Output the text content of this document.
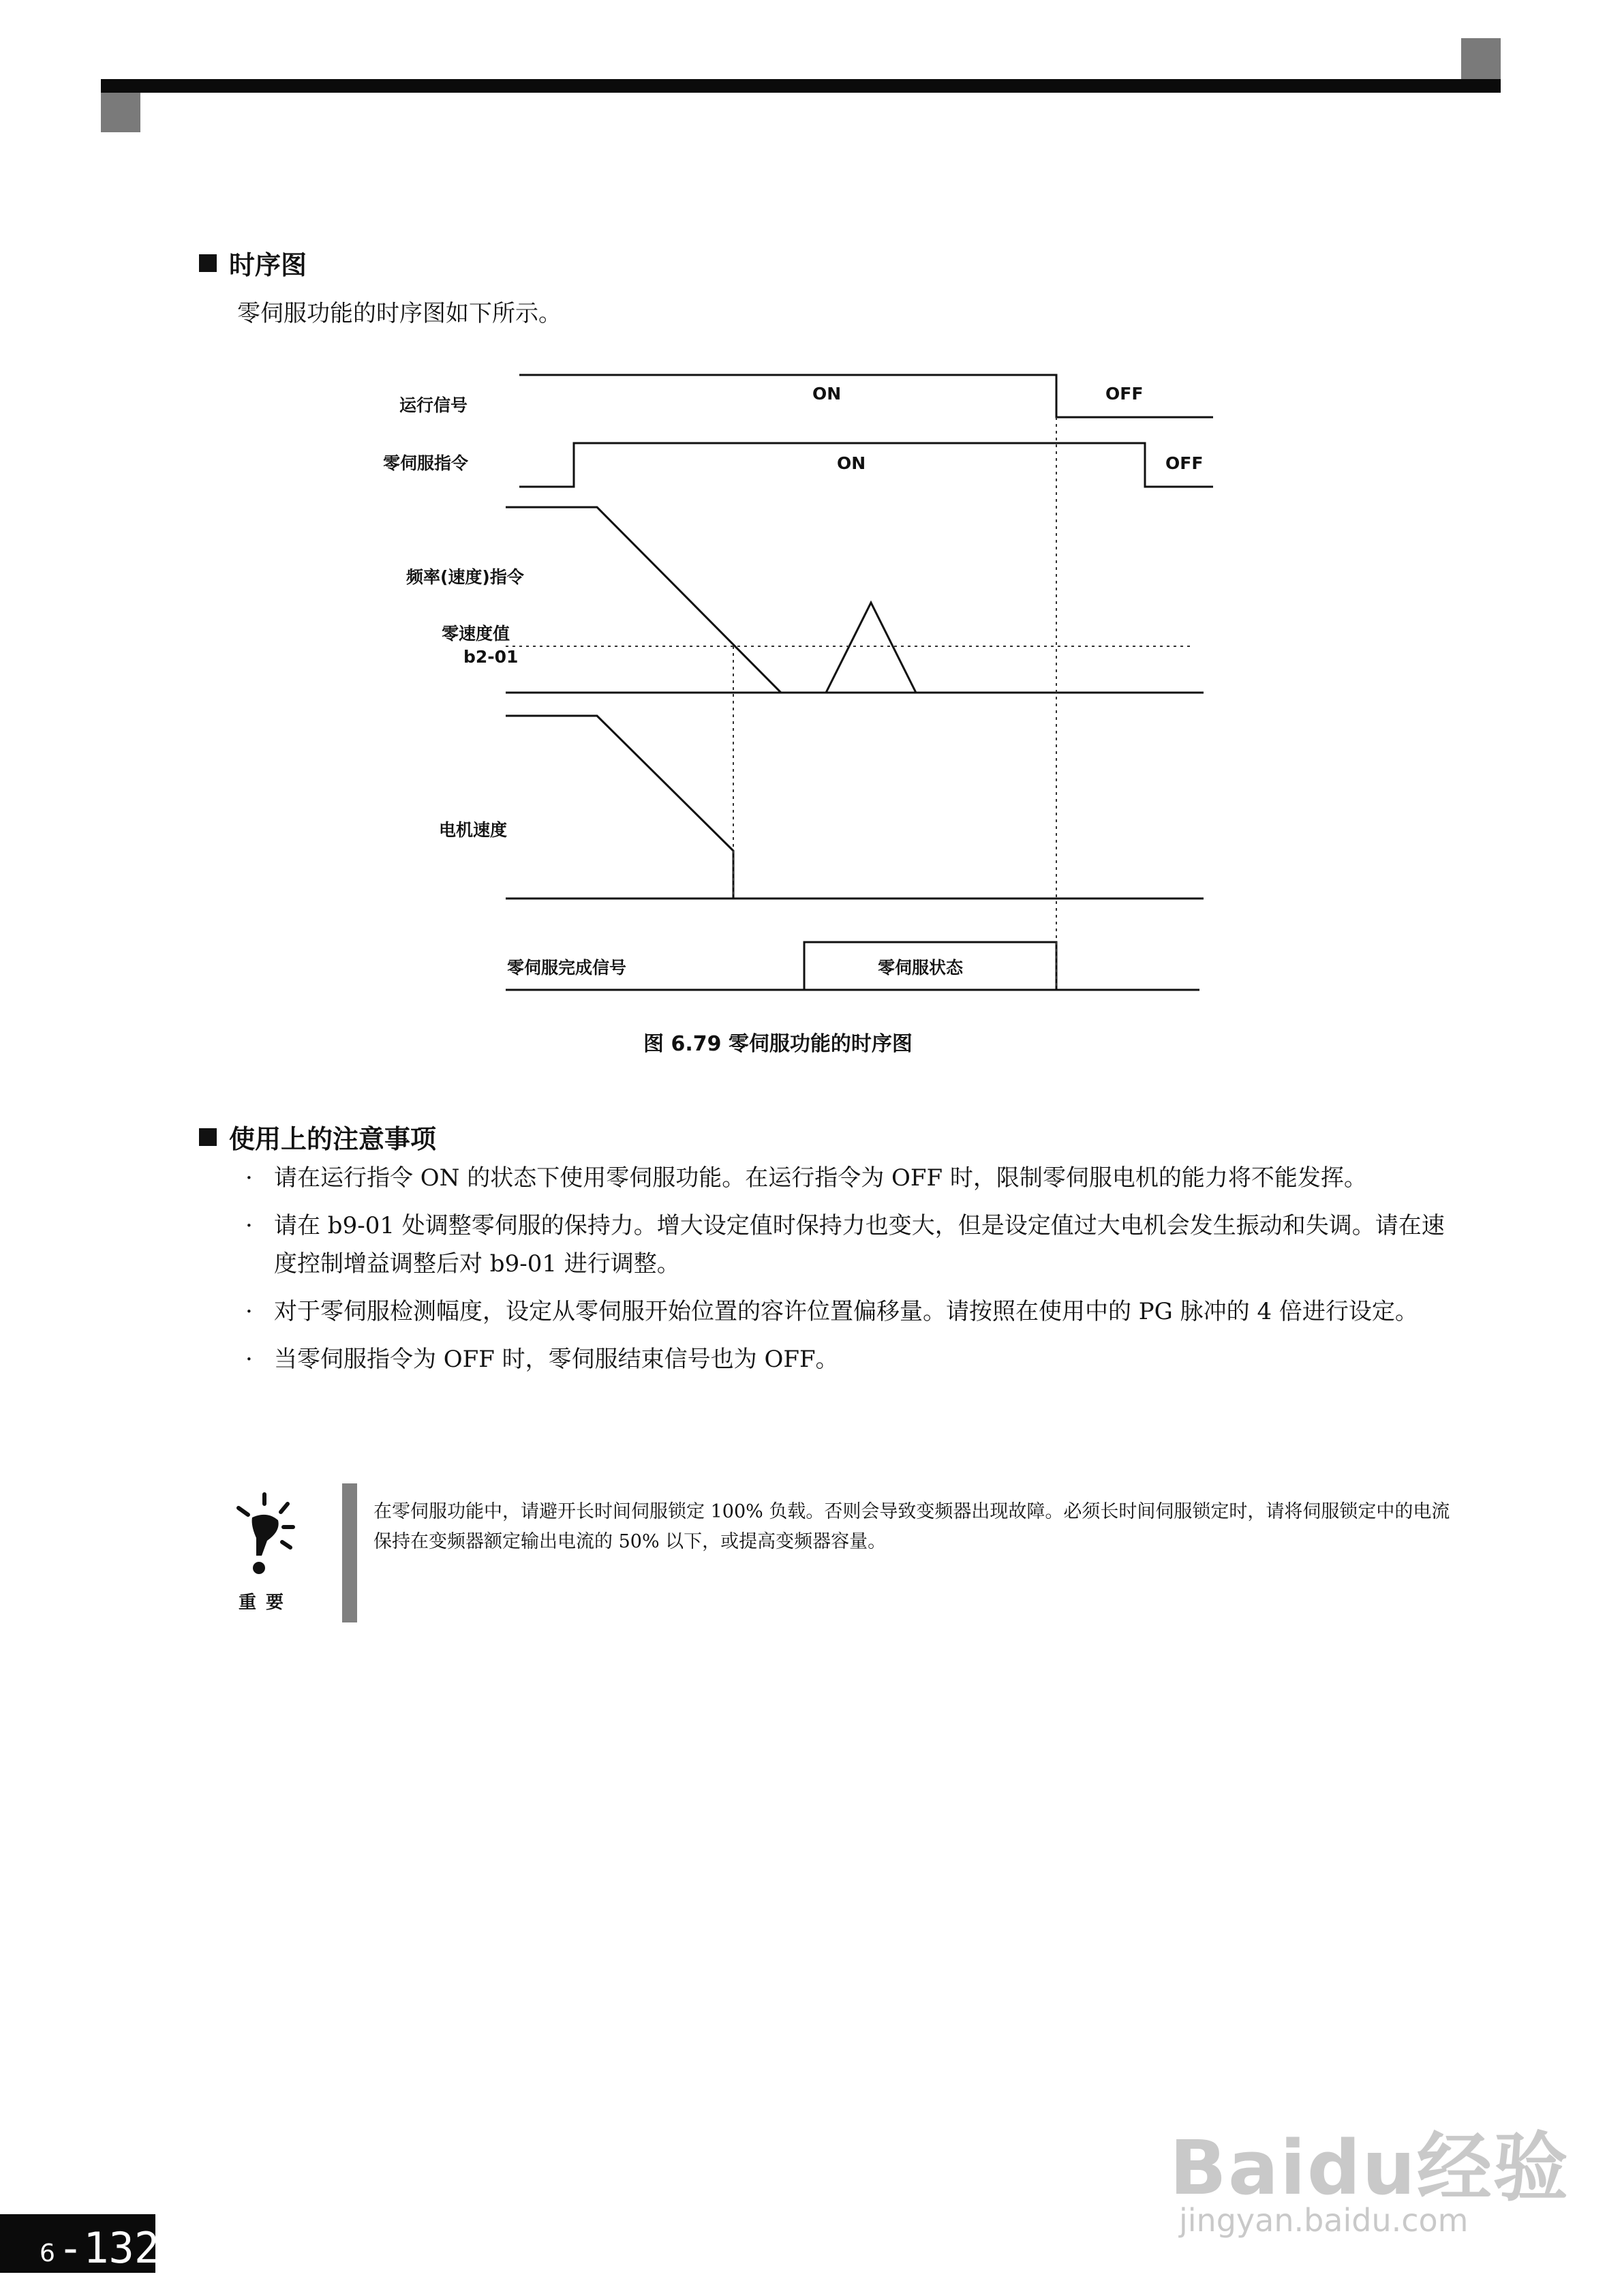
时序图
零伺服功能的时序图如下所示。
运行信号
零伺服指令
频率(速度)指令
零速度值
b2-01
电机速度
零伺服完成信号	零伺服状态
ON	OFF
ON	OFF
图 6.79 零伺服功能的时序图
使用上的注意事项
· 请在运行指令 ON 的状态下使用零伺服功能。在运行指令为 OFF 时，限制零伺服电机的能力将不能发挥。
· 请在 b9-01 处调整零伺服的保持力。增大设定值时保持力也变大，但是设定值过大电机会发生振动和失调。请在速度控制增益调整后对 b9-01 进行调整。
· 对于零伺服检测幅度，设定从零伺服开始位置的容许位置偏移量。请按照在使用中的 PG 脉冲的 4 倍进行设定。
· 当零伺服指令为 OFF 时，零伺服结束信号也为 OFF。
重要
在零伺服功能中，请避开长时间伺服锁定 100% 负载。否则会导致变频器出现故障。必须长时间伺服锁定时，请将伺服锁定中的电流保持在变频器额定输出电流的 50% 以下，或提高变频器容量。
Baidu经验
jingyan.baidu.com
6 -132
